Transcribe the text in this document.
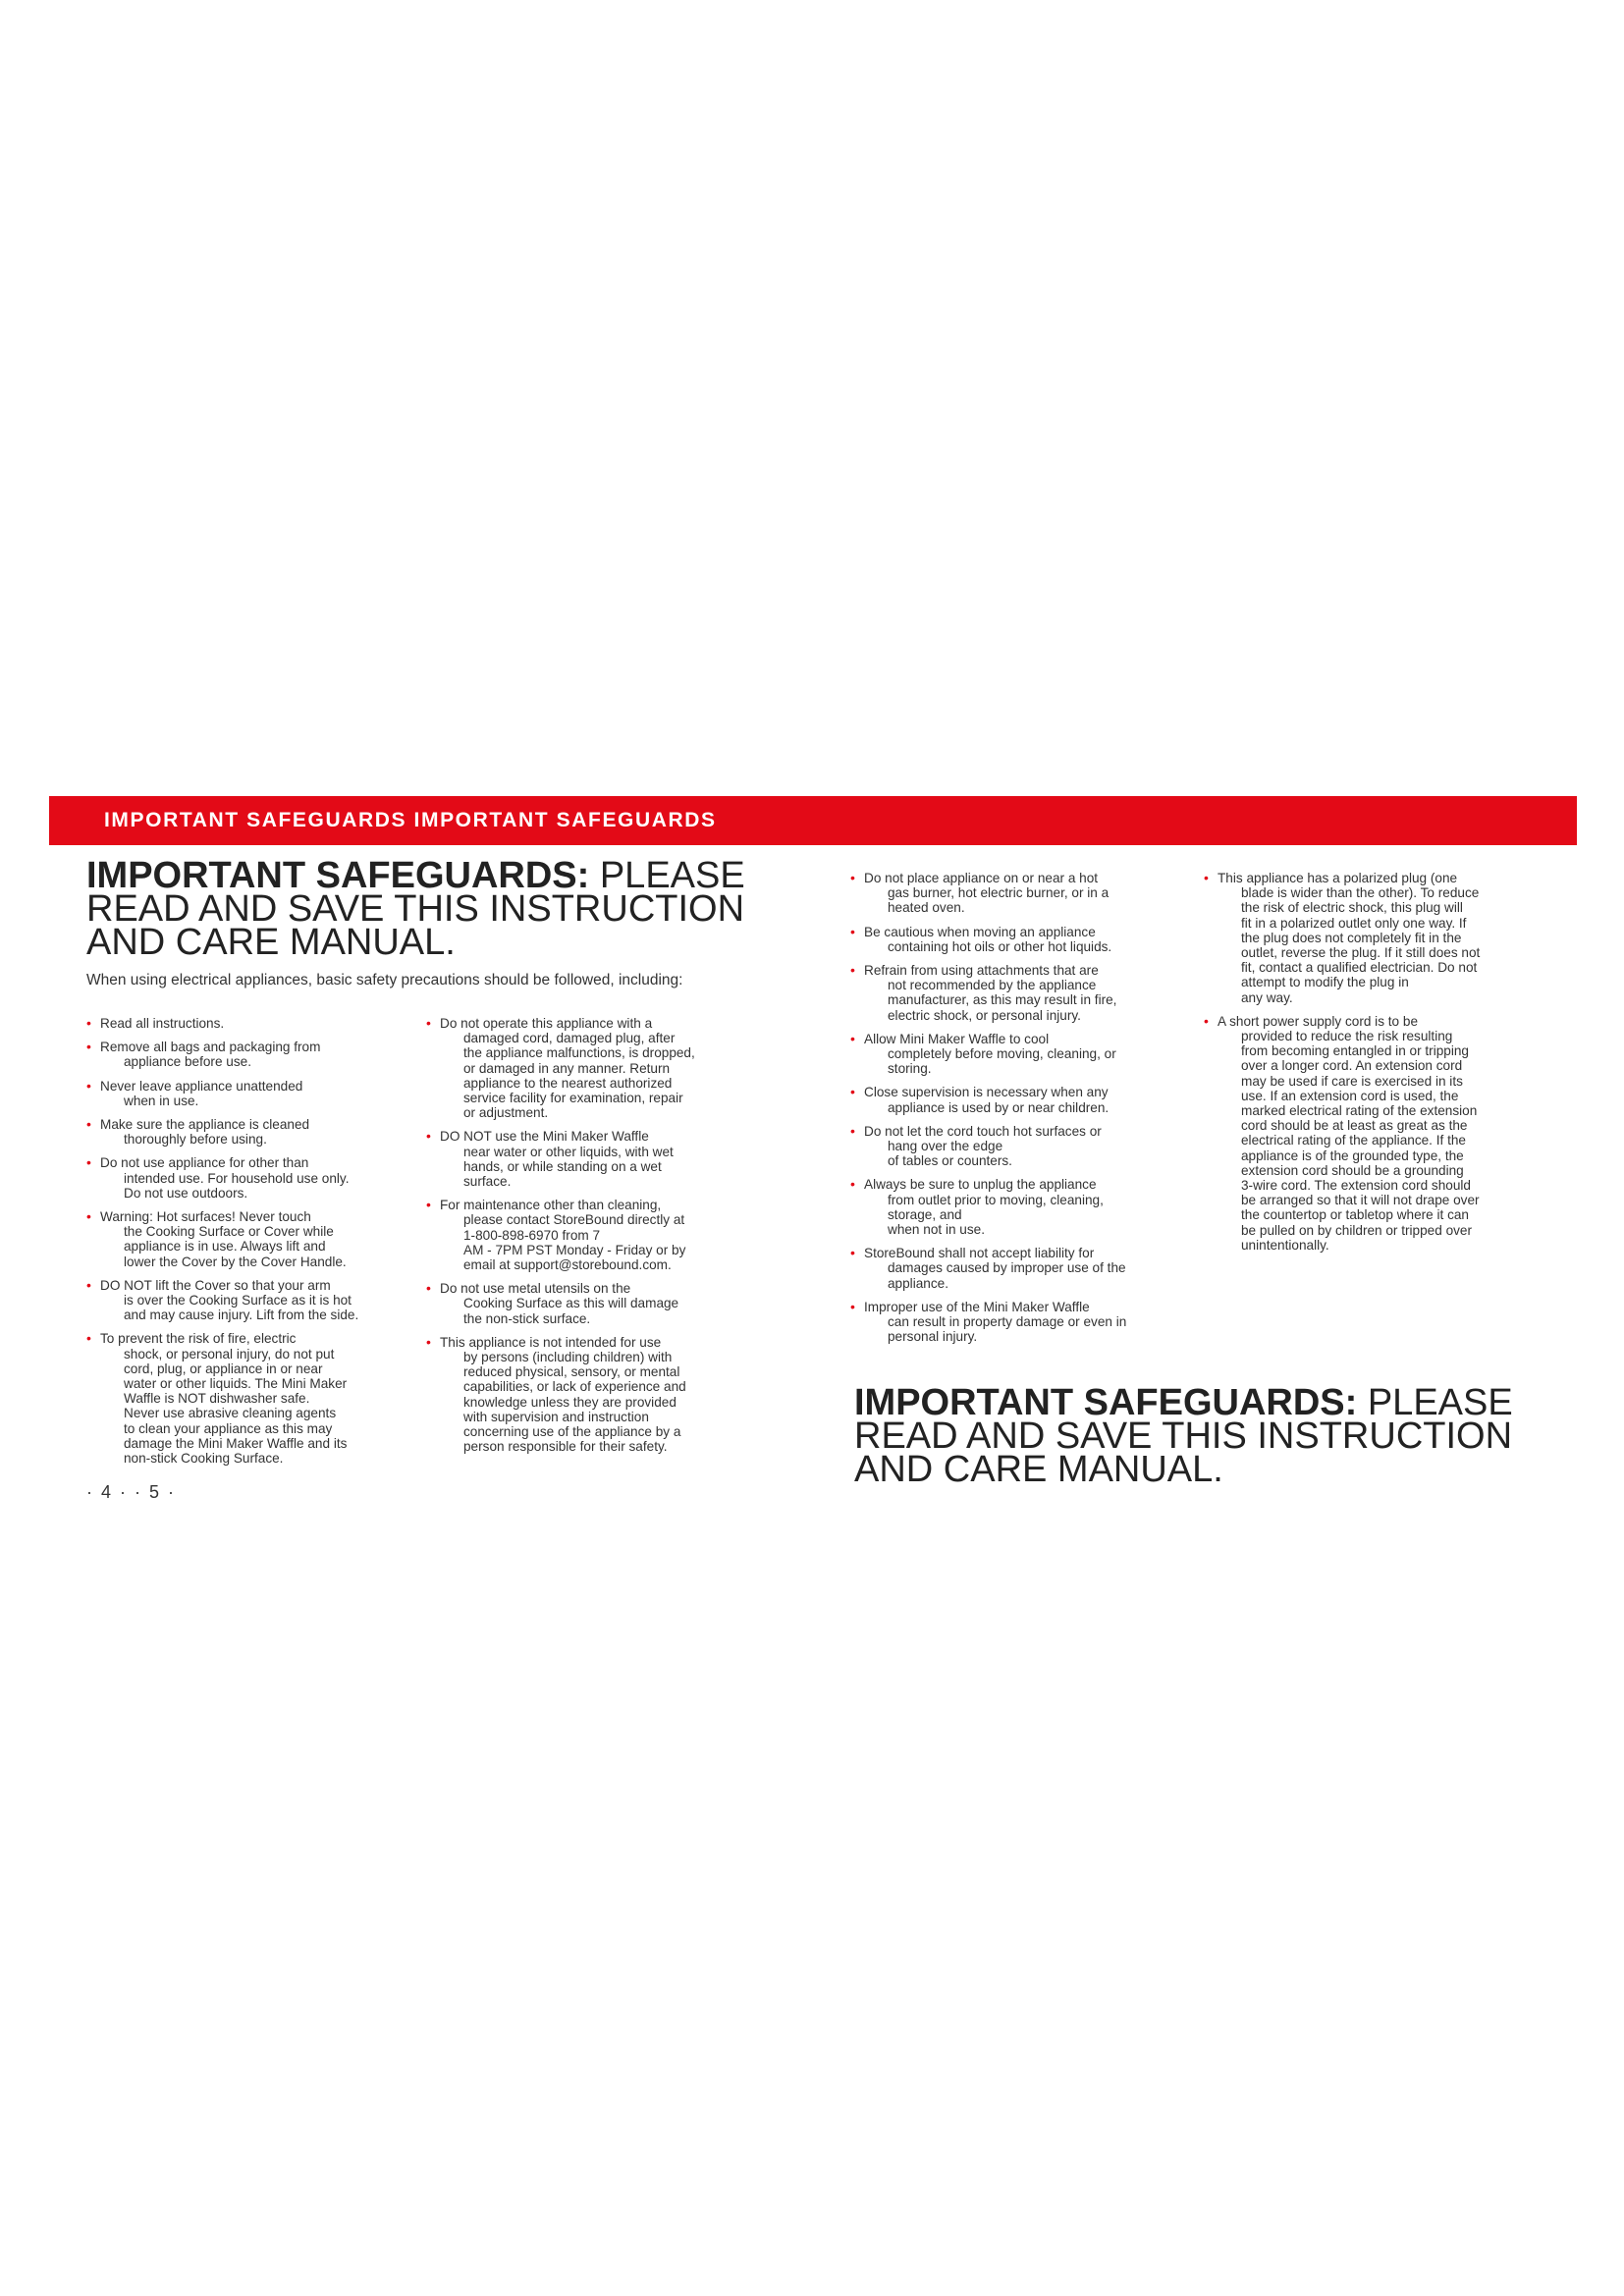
IMPORTANT SAFEGUARDS IMPORTANT SAFEGUARDS
IMPORTANT SAFEGUARDS: PLEASE
READ AND SAVE THIS INSTRUCTION
AND CARE MANUAL.

When using electrical appliances, basic safety precautions should be followed, including:

• Read all instructions.
• Remove all bags and packaging from
appliance before use.
• Never leave appliance unattended
when in use.
• Make sure the appliance is cleaned
thoroughly before using.
• Do not use appliance for other than
intended use. For household use only.
Do not use outdoors.
• Warning: Hot surfaces! Never touch
the Cooking Surface or Cover while
appliance is in use. Always lift and
lower the Cover by the Cover Handle.
• DO NOT lift the Cover so that your arm
is over the Cooking Surface as it is hot
and may cause injury. Lift from the side.
• To prevent the risk of fire, electric
shock, or personal injury, do not put
cord, plug, or appliance in or near
water or other liquids. The Mini Maker
Waffle is NOT dishwasher safe.
Never use abrasive cleaning agents
to clean your appliance as this may
damage the Mini Maker Waffle and its
non-stick Cooking Surface.
• Do not operate this appliance with a
damaged cord, damaged plug, after
the appliance malfunctions, is dropped,
or damaged in any manner. Return
appliance to the nearest authorized
service facility for examination, repair
or adjustment.
• DO NOT use the Mini Maker Waffle
near water or other liquids, with wet
hands, or while standing on a wet
surface.
• For maintenance other than cleaning,
please contact StoreBound directly at
1-800-898-6970 from 7
AM - 7PM PST Monday - Friday or by
email at support@storebound.com.
• Do not use metal utensils on the
Cooking Surface as this will damage
the non-stick surface.
• This appliance is not intended for use
by persons (including children) with
reduced physical, sensory, or mental
capabilities, or lack of experience and
knowledge unless they are provided
with supervision and instruction
concerning use of the appliance by a
person responsible for their safety.
• Do not place appliance on or near a hot
gas burner, hot electric burner, or in a
heated oven.
• Be cautious when moving an appliance
containing hot oils or other hot liquids.
• Refrain from using attachments that are
not recommended by the appliance
manufacturer, as this may result in fire,
electric shock, or personal injury.
• Allow Mini Maker Waffle to cool
completely before moving, cleaning, or
storing.
• Close supervision is necessary when any
appliance is used by or near children.
• Do not let the cord touch hot surfaces or
hang over the edge
of tables or counters.
• Always be sure to unplug the appliance
from outlet prior to moving, cleaning,
storage, and
when not in use.
• StoreBound shall not accept liability for
damages caused by improper use of the
appliance.
• Improper use of the Mini Maker Waffle
can result in property damage or even in
personal injury.
• This appliance has a polarized plug (one
blade is wider than the other). To reduce
the risk of electric shock, this plug will
fit in a polarized outlet only one way. If
the plug does not completely fit in the
outlet, reverse the plug. If it still does not
fit, contact a qualified electrician. Do not
attempt to modify the plug in
any way.
• A short power supply cord is to be
provided to reduce the risk resulting
from becoming entangled in or tripping
over a longer cord. An extension cord
may be used if care is exercised in its
use. If an extension cord is used, the
marked electrical rating of the extension
cord should be at least as great as the
electrical rating of the appliance. If the
appliance is of the grounded type, the
extension cord should be a grounding
3-wire cord. The extension cord should
be arranged so that it will not drape over
the countertop or tabletop where it can
be pulled on by children or tripped over
unintentionally.
IMPORTANT SAFEGUARDS: PLEASE
READ AND SAVE THIS INSTRUCTION
AND CARE MANUAL.
· 4 · · 5 ·
